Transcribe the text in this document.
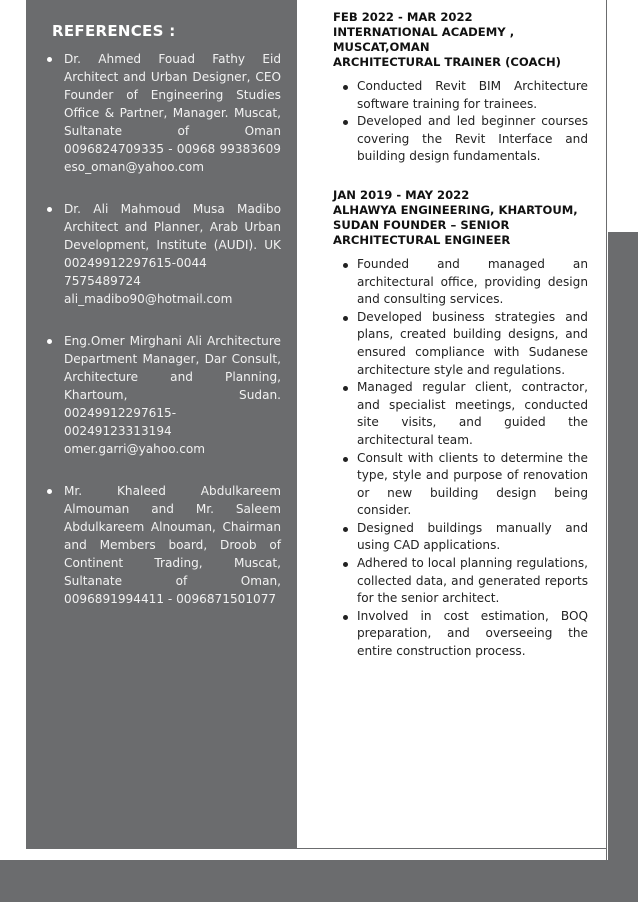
REFERENCES :
Dr. Ahmed Fouad Fathy Eid Architect and Urban Designer, CEO Founder of Engineering Studies Office & Partner, Manager. Muscat, Sultanate of Oman 0096824709335 - 00968 99383609 eso_oman@yahoo.com
Dr. Ali Mahmoud Musa Madibo Architect and Planner, Arab Urban Development, Institute (AUDI). UK 00249912297615-0044 7575489724 ali_madibo90@hotmail.com
Eng.Omer Mirghani Ali Architecture Department Manager, Dar Consult, Architecture and Planning, Khartoum, Sudan. 00249912297615-00249123313194 omer.garri@yahoo.com
Mr. Khaleed Abdulkareem Almouman and Mr. Saleem Abdulkareem Alnouman, Chairman and Members board, Droob of Continent Trading, Muscat, Sultanate of Oman, 0096891994411 - 0096871501077
FEB 2022 - MAR 2022
INTERNATIONAL ACADEMY ,
MUSCAT,OMAN
ARCHITECTURAL TRAINER (COACH)
Conducted Revit BIM Architecture software training for trainees.
Developed and led beginner courses covering the Revit Interface and building design fundamentals.
JAN 2019 - MAY 2022
ALHAWYA ENGINEERING, KHARTOUM,
SUDAN FOUNDER – SENIOR
ARCHITECTURAL ENGINEER
Founded and managed an architectural office, providing design and consulting services.
Developed business strategies and plans, created building designs, and ensured compliance with Sudanese architecture style and regulations.
Managed regular client, contractor, and specialist meetings, conducted site visits, and guided the architectural team.
Consult with clients to determine the type, style and purpose of renovation or new building design being consider.
Designed buildings manually and using CAD applications.
Adhered to local planning regulations, collected data, and generated reports for the senior architect.
Involved in cost estimation, BOQ preparation, and overseeing the entire construction process.
